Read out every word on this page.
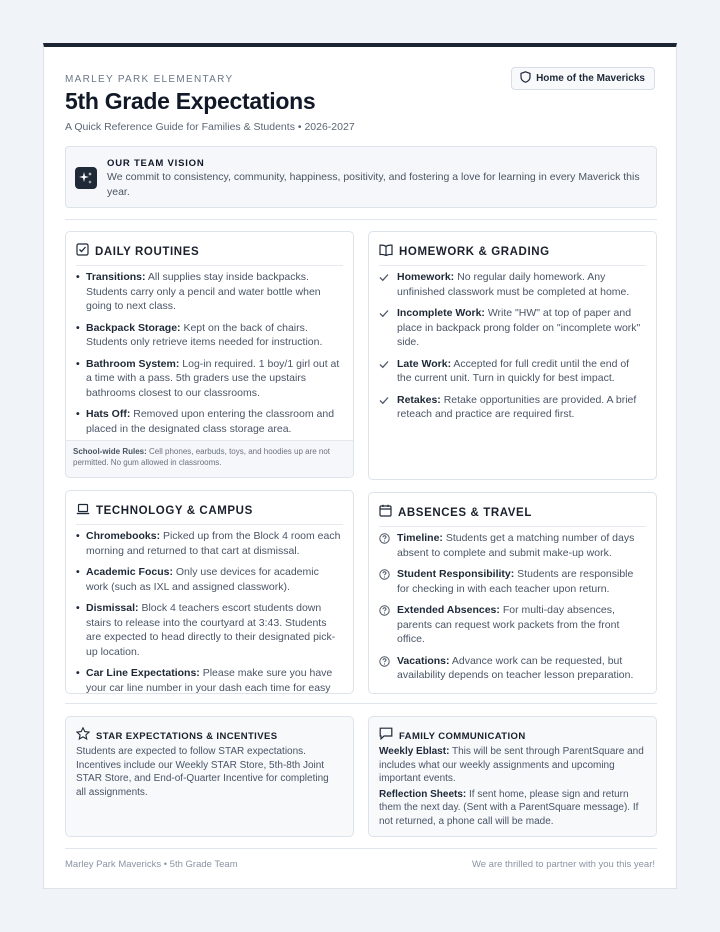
MARLEY PARK ELEMENTARY	Home of the Mavericks
5th Grade Expectations
A Quick Reference Guide for Families & Students • 2026-2027
OUR TEAM VISION
We commit to consistency, community, happiness, positivity, and fostering a love for learning in every Maverick this year.
DAILY ROUTINES
• Transitions: All supplies stay inside backpacks. Students carry only a pencil and water bottle when going to next class.
• Backpack Storage: Kept on the back of chairs. Students only retrieve items needed for instruction.
• Bathroom System: Log-in required. 1 boy/1 girl out at a time with a pass. 5th graders use the upstairs bathrooms closest to our classrooms.
• Hats Off: Removed upon entering the classroom and placed in the designated class storage area.
School-wide Rules: Cell phones, earbuds, toys, and hoodies up are not permitted. No gum allowed in classrooms.
HOMEWORK & GRADING
Homework: No regular daily homework. Any unfinished classwork must be completed at home.
Incomplete Work: Write "HW" at top of paper and place in backpack prong folder on "incomplete work" side.
Late Work: Accepted for full credit until the end of the current unit. Turn in quickly for best impact.
Retakes: Retake opportunities are provided. A brief reteach and practice are required first.
TECHNOLOGY & CAMPUS
• Chromebooks: Picked up from the Block 4 room each morning and returned to that cart at dismissal.
• Academic Focus: Only use devices for academic work (such as IXL and assigned classwork).
• Dismissal: Block 4 teachers escort students down stairs to release into the courtyard at 3:43. Students are expected to head directly to their designated pick-up location.
• Car Line Expectations: Please make sure you have your car line number in your dash each time for easy
ABSENCES & TRAVEL
Timeline: Students get a matching number of days absent to complete and submit make-up work.
Student Responsibility: Students are responsible for checking in with each teacher upon return.
Extended Absences: For multi-day absences, parents can request work packets from the front office.
Vacations: Advance work can be requested, but availability depends on teacher lesson preparation.
STAR EXPECTATIONS & INCENTIVES
Students are expected to follow STAR expectations. Incentives include our Weekly STAR Store, 5th-8th Joint STAR Store, and End-of-Quarter Incentive for completing all assignments.
FAMILY COMMUNICATION

Weekly Eblast: This will be sent through ParentSquare and includes what our weekly assignments and upcoming important events.

Reflection Sheets: If sent home, please sign and return them the next day. (Sent with a ParentSquare message). If not returned, a phone call will be made.

Marley Park Mavericks • 5th Grade Team	We are thrilled to partner with you this year!
